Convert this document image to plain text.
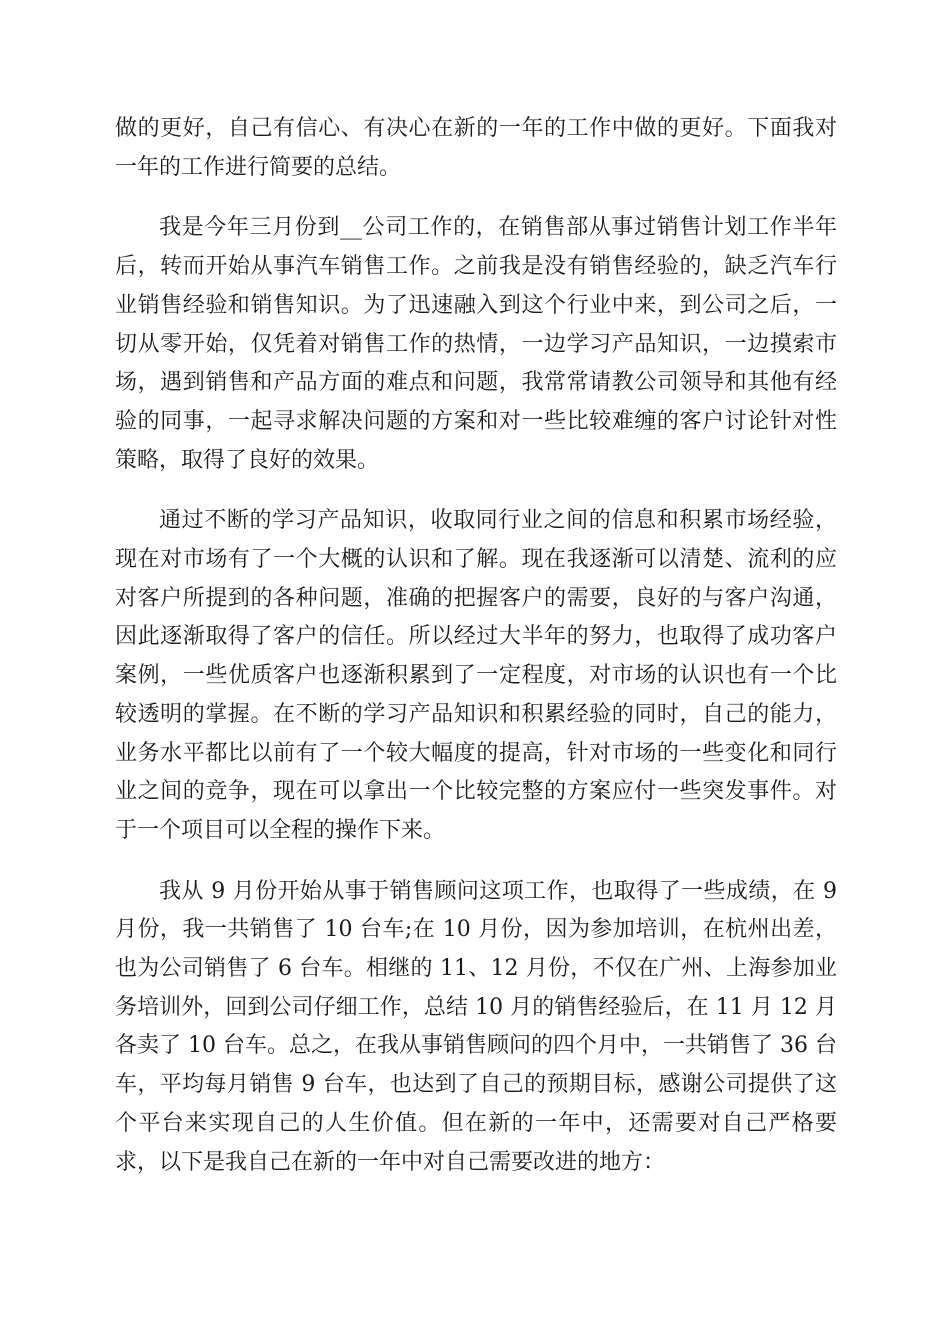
做的更好，自己有信心、有决心在新的一年的工作中做的更好。下面我对一年的工作进行简要的总结。

我是今年三月份到__公司工作的，在销售部从事过销售计划工作半年后，转而开始从事汽车销售工作。之前我是没有销售经验的，缺乏汽车行业销售经验和销售知识。为了迅速融入到这个行业中来，到公司之后，一切从零开始，仅凭着对销售工作的热情，一边学习产品知识，一边摸索市场，遇到销售和产品方面的难点和问题，我常常请教公司领导和其他有经验的同事，一起寻求解决问题的方案和对一些比较难缠的客户讨论针对性策略，取得了良好的效果。

通过不断的学习产品知识，收取同行业之间的信息和积累市场经验，现在对市场有了一个大概的认识和了解。现在我逐渐可以清楚、流利的应对客户所提到的各种问题，准确的把握客户的需要，良好的与客户沟通，因此逐渐取得了客户的信任。所以经过大半年的努力，也取得了成功客户案例，一些优质客户也逐渐积累到了一定程度，对市场的认识也有一个比较透明的掌握。在不断的学习产品知识和积累经验的同时，自己的能力，业务水平都比以前有了一个较大幅度的提高，针对市场的一些变化和同行业之间的竞争，现在可以拿出一个比较完整的方案应付一些突发事件。对于一个项目可以全程的操作下来。

我从 9 月份开始从事于销售顾问这项工作，也取得了一些成绩，在 9 月份，我一共销售了 10 台车;在 10 月份，因为参加培训，在杭州出差，也为公司销售了 6 台车。相继的 11、12 月份，不仅在广州、上海参加业务培训外，回到公司仔细工作，总结 10 月的销售经验后，在 11 月 12 月各卖了 10 台车。总之，在我从事销售顾问的四个月中，一共销售了 36 台车，平均每月销售 9 台车，也达到了自己的预期目标，感谢公司提供了这个平台来实现自己的人生价值。但在新的一年中，还需要对自己严格要求，以下是我自己在新的一年中对自己需要改进的地方：
